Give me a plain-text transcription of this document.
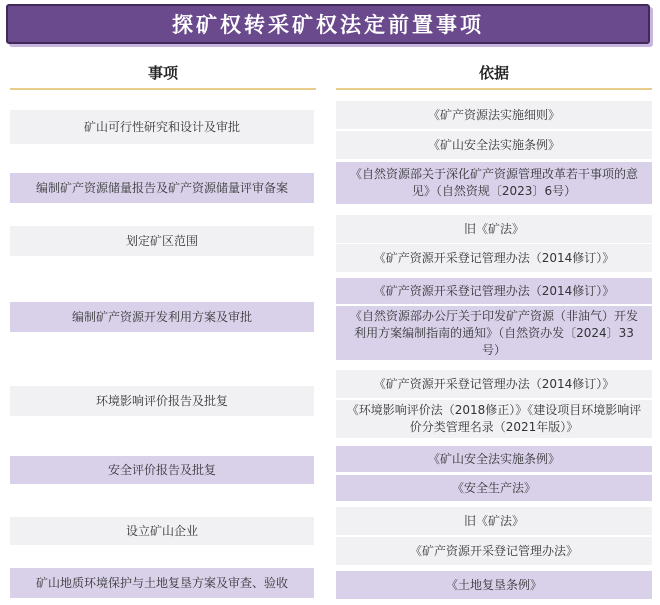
探矿权转采矿权法定前置事项
事项	依据
矿山可行性研究和设计及审批
编制矿产资源储量报告及矿产资源储量评审备案
划定矿区范围
编制矿产资源开发利用方案及审批
环境影响评价报告及批复
安全评价报告及批复
设立矿山企业
矿山地质环境保护与土地复垦方案及审查、验收
《矿产资源法实施细则》
《矿山安全法实施条例》
《自然资源部关于深化矿产资源管理改革若干事项的意见》（自然资规〔2023〕6号）
旧《矿法》
《矿产资源开采登记管理办法（2014修订）》
《矿产资源开采登记管理办法（2014修订）》
《自然资源部办公厅关于印发矿产资源（非油气）开发利用方案编制指南的通知》（自然资办发〔2024〕33号）
《矿产资源开采登记管理办法（2014修订）》
《环境影响评价法（2018修正）》《建设项目环境影响评价分类管理名录（2021年版）》
《矿山安全法实施条例》
《安全生产法》
旧《矿法》
《矿产资源开采登记管理办法》
《土地复垦条例》
